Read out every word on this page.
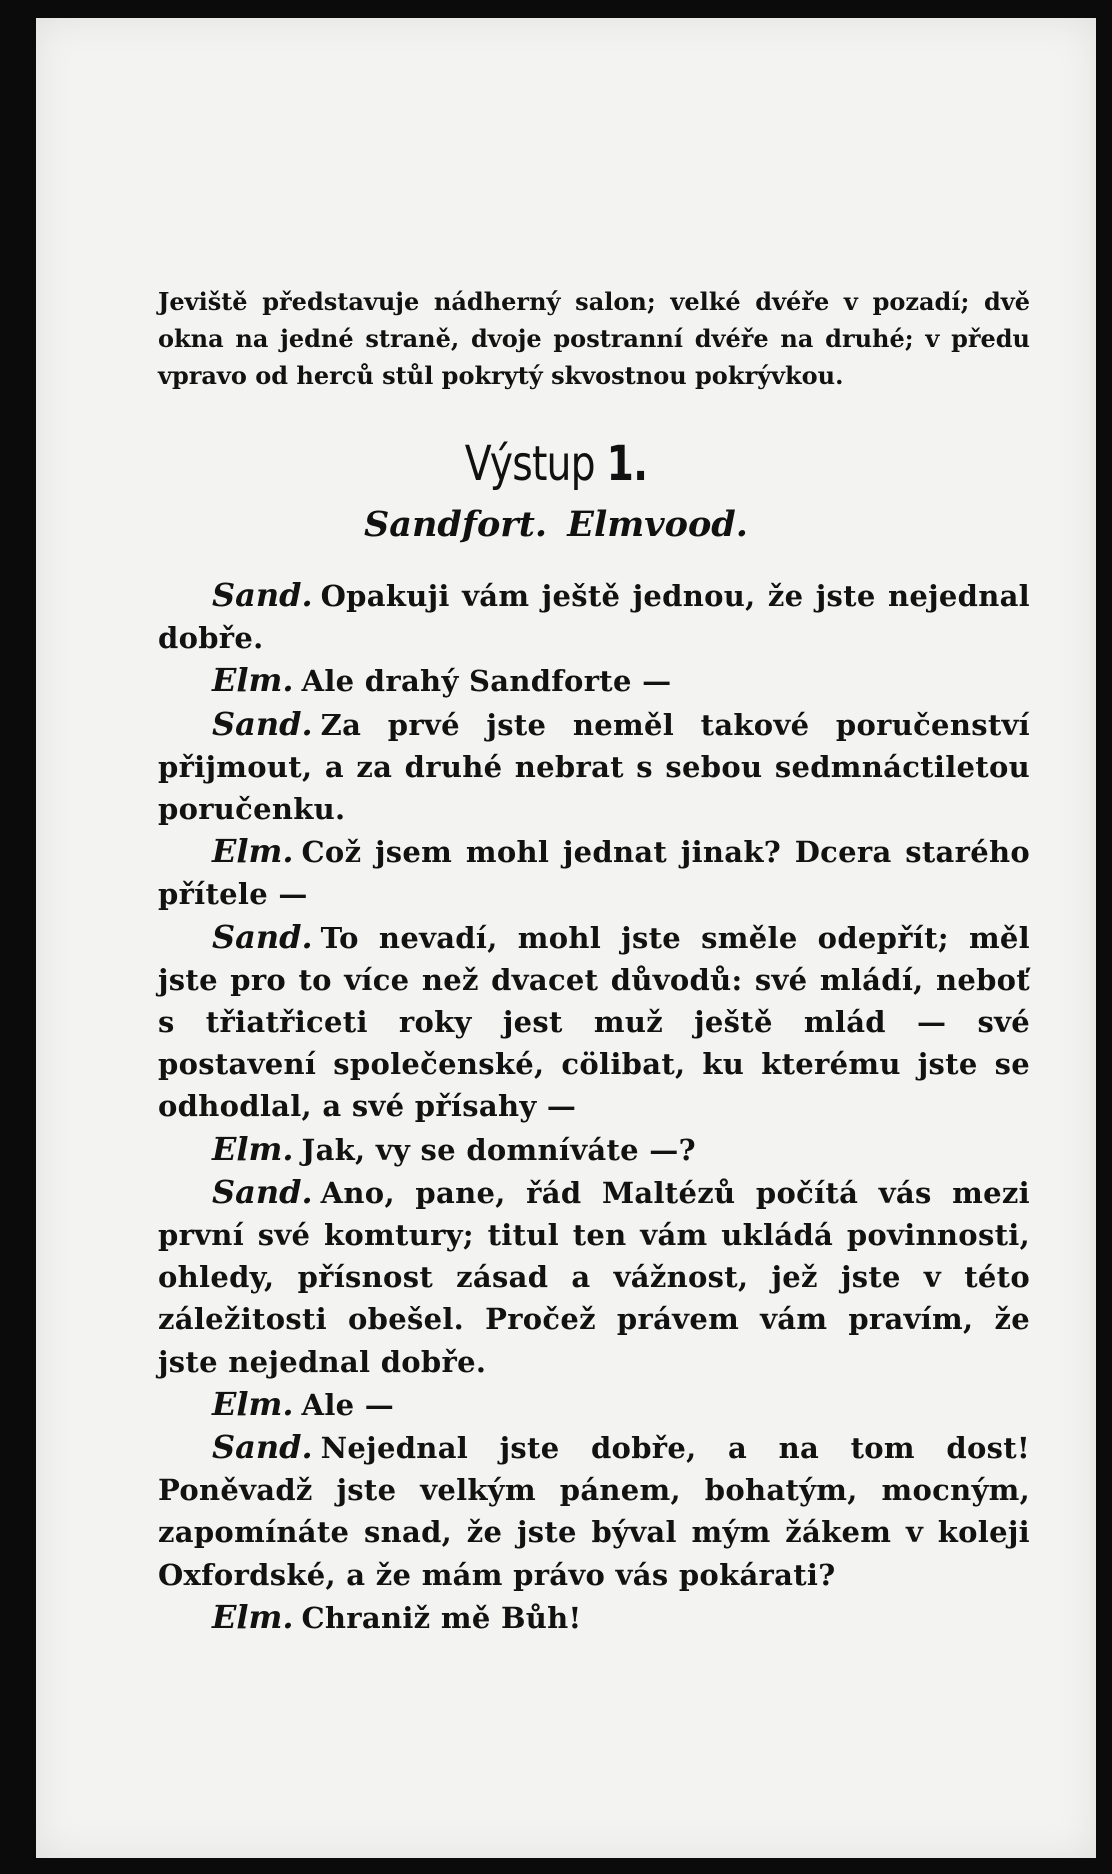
Jeviště představuje nádherný salon; velké dvéře v pozadí; dvě okna na jedné straně, dvoje postranní dvéře na druhé; v předu vpravo od herců stůl pokrytý skvostnou pokrývkou.
Výstup 1.
Sandfort. Elmvood.

Sand. Opakuji vám ještě jednou, že jste nejednal dobře.

Elm. Ale drahý Sandforte —

Sand. Za prvé jste neměl takové poručenství přijmout, a za druhé nebrat s sebou sedmnáctiletou poručenku.

Elm. Což jsem mohl jednat jinak? Dcera starého přítele —

Sand. To nevadí, mohl jste směle odepřít; měl jste pro to více než dvacet důvodů: své mládí, neboť s třiatřiceti roky jest muž ještě mlád — své postavení společenské, cölibat, ku kterému jste se odhodlal, a své přísahy —

Elm. Jak, vy se domníváte —?

Sand. Ano, pane, řád Maltézů počítá vás mezi první své komtury; titul ten vám ukládá povinnosti, ohledy, přísnost zásad a vážnost, jež jste v této záležitosti obešel. Pročež právem vám pravím, že jste nejednal dobře.

Elm. Ale —

Sand. Nejednal jste dobře, a na tom dost! Poněvadž jste velkým pánem, bohatým, mocným, zapomínáte snad, že jste býval mým žákem v koleji Oxfordské, a že mám právo vás pokárati?

Elm. Chraniž mě Bůh!
